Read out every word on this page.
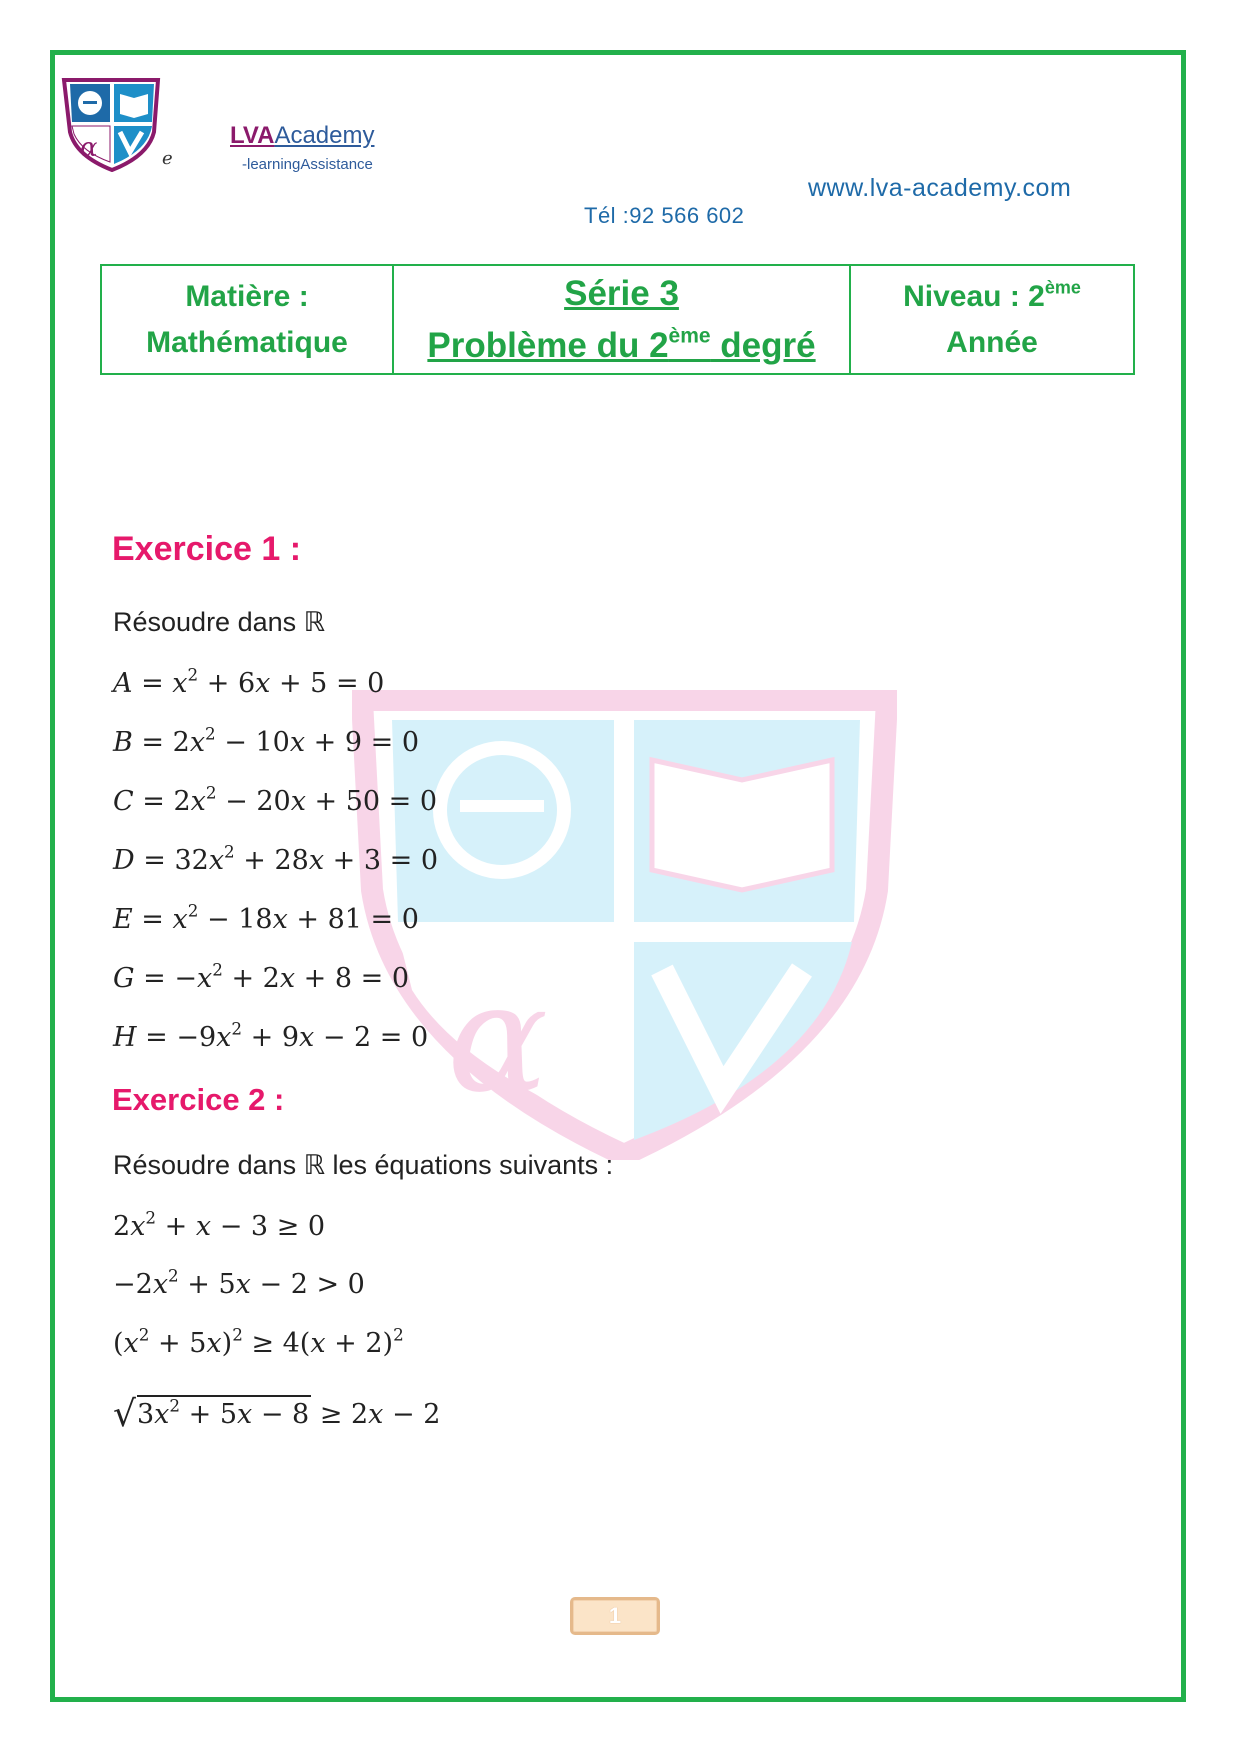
α	e
LVAAcademy
-learningAssistance
www.lva-academy.com
Tél :92 566 602
Matière :
Mathématique
Série 3
Problème du 2ème degré
Niveau : 2ème
Année
α
Exercice 1 :
Résoudre dans ℝ
$A = x^2 + 6x + 5 = 0$
$B = 2x^2 - 10x + 9 = 0$
$C = 2x^2 - 20x + 50 = 0$
$D = 32x^2 + 28x + 3 = 0$
$E = x^2 - 18x + 81 = 0$
$G = -x^2 + 2x + 8 = 0$
$H = -9x^2 + 9x - 2 = 0$
Exercice 2 :
Résoudre dans ℝ les équations suivants :
$2x^2 + x - 3 \ge 0$
$-2x^2 + 5x - 2 > 0$
$(x^2 + 5x)^2 \ge 4(x + 2)^2$
$√3x^2 + 5x - 8 \ge 2x - 2$
1
